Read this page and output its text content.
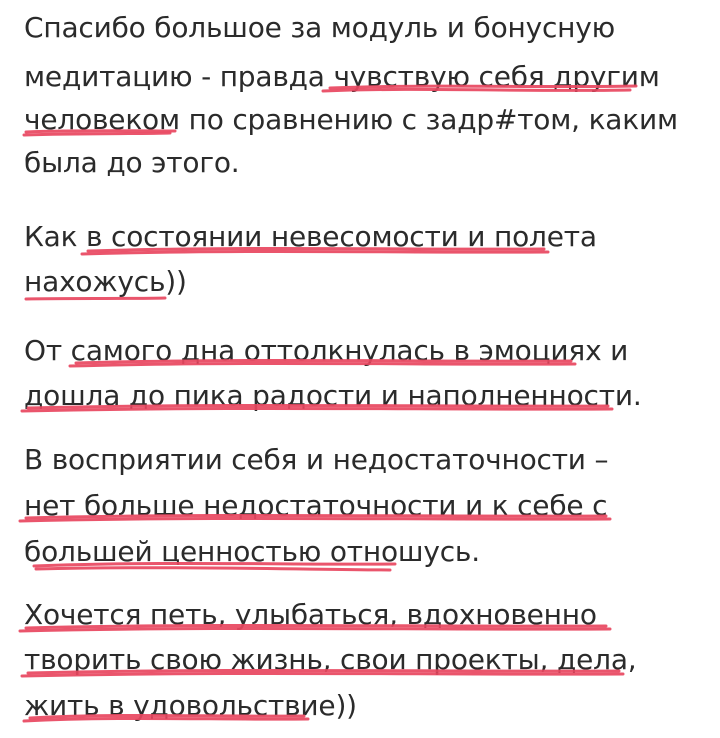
Спасибо большое за модуль и бонусную
медитацию - правда чувствую себя другим
человеком по сравнению с задр#том, каким
была до этого.
Как в состоянии невесомости и полета
нахожусь))
От самого дна оттолкнулась в эмоциях и
дошла до пика радости и наполненности.
В восприятии себя и недостаточности –
нет больше недостаточности и к себе с
большей ценностью отношусь.
Хочется петь, улыбаться, вдохновенно
творить свою жизнь, свои проекты, дела,
жить в удовольствие))
